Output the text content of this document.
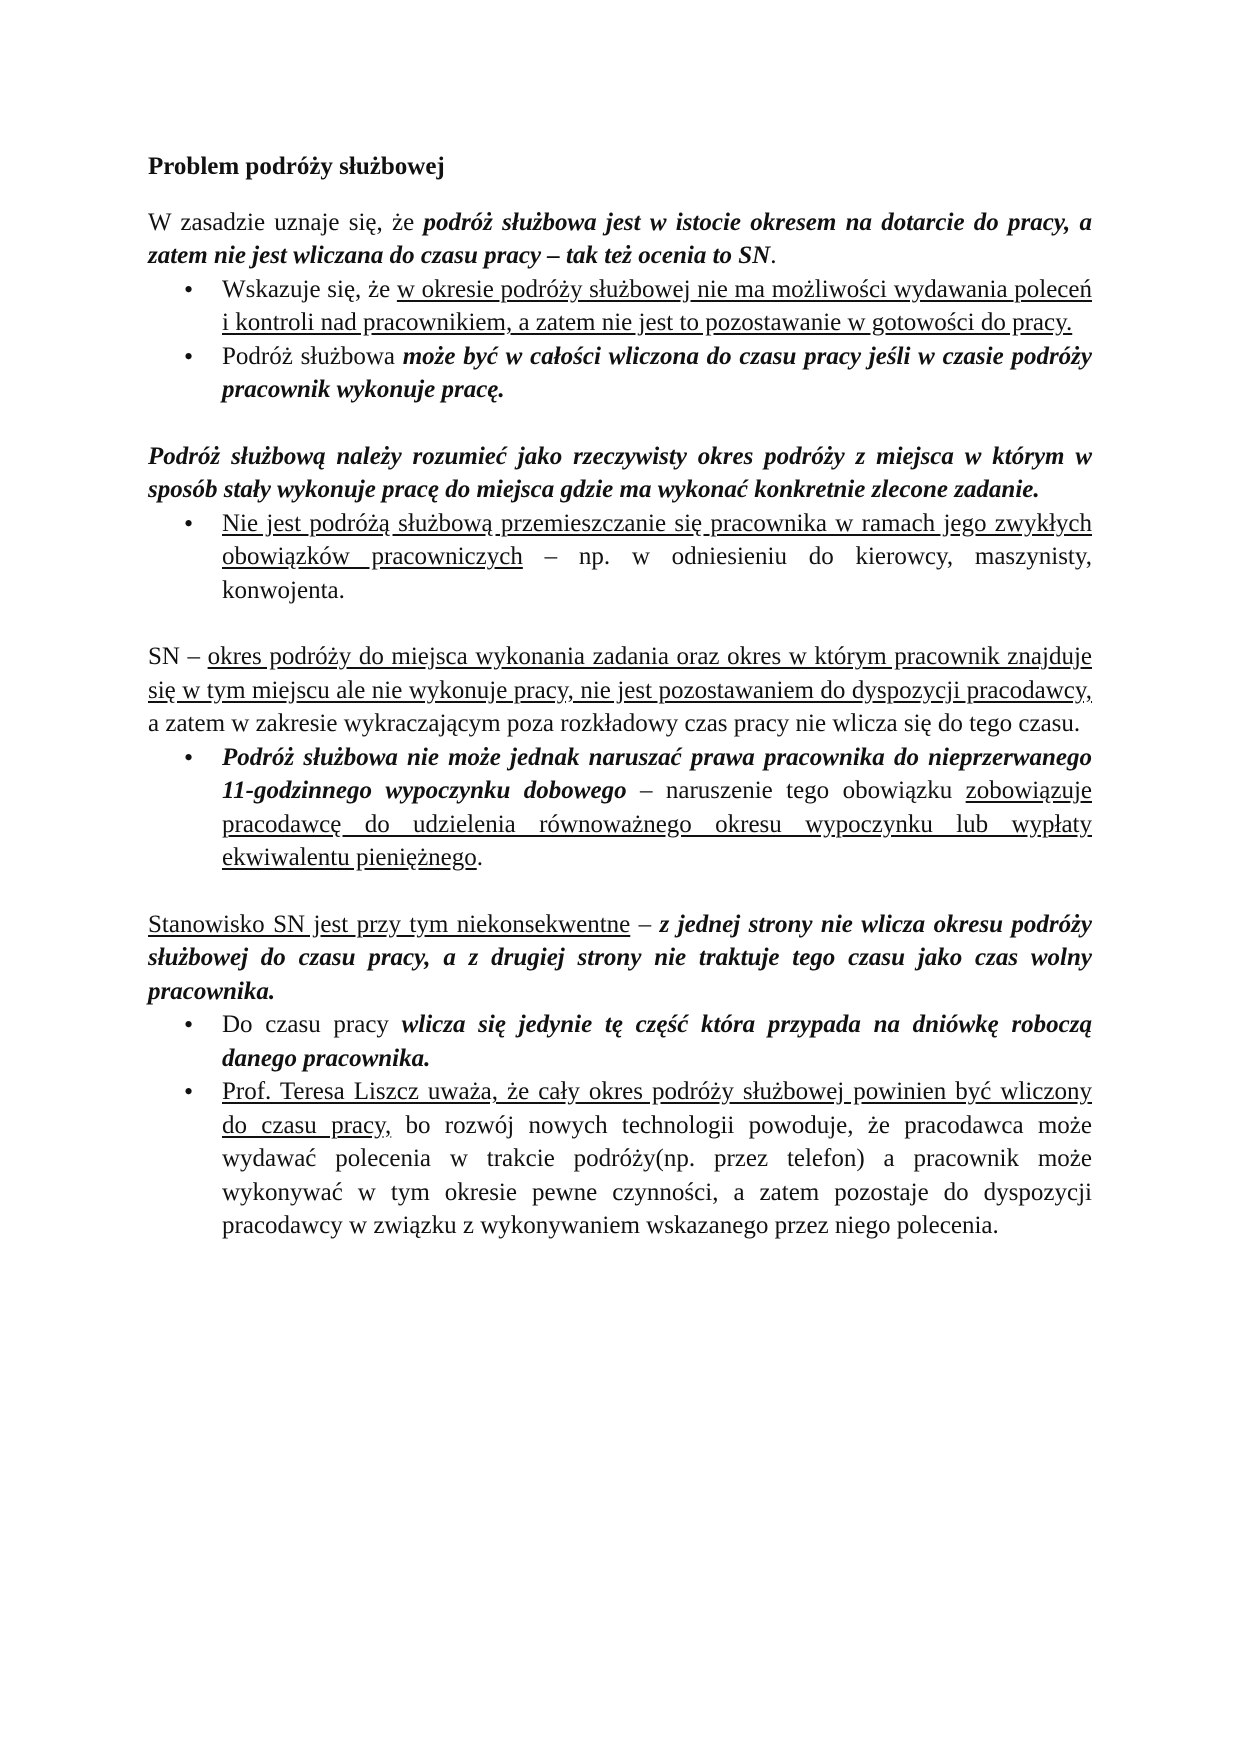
Problem podróży służbowej

W zasadzie uznaje się, że podróż służbowa jest w istocie okresem na dotarcie do pracy, a zatem nie jest wliczana do czasu pracy – tak też ocenia to SN.

• Wskazuje się, że w okresie podróży służbowej nie ma możliwości wydawania poleceń i kontroli nad pracownikiem, a zatem nie jest to pozostawanie w gotowości do pracy.
• Podróż służbowa może być w całości wliczona do czasu pracy jeśli w czasie podróży pracownik wykonuje pracę.

Podróż służbową należy rozumieć jako rzeczywisty okres podróży z miejsca w którym w sposób stały wykonuje pracę do miejsca gdzie ma wykonać konkretnie zlecone zadanie.

• Nie jest podróżą służbową przemieszczanie się pracownika w ramach jego zwykłych obowiązków pracowniczych – np. w odniesieniu do kierowcy, maszynisty, konwojenta.

SN – okres podróży do miejsca wykonania zadania oraz okres w którym pracownik znajduje się w tym miejscu ale nie wykonuje pracy, nie jest pozostawaniem do dyspozycji pracodawcy, a zatem w zakresie wykraczającym poza rozkładowy czas pracy nie wlicza się do tego czasu.

• Podróż służbowa nie może jednak naruszać prawa pracownika do nieprzerwanego 11-godzinnego wypoczynku dobowego – naruszenie tego obowiązku zobowiązuje pracodawcę do udzielenia równoważnego okresu wypoczynku lub wypłaty ekwiwalentu pieniężnego.

Stanowisko SN jest przy tym niekonsekwentne – z jednej strony nie wlicza okresu podróży służbowej do czasu pracy, a z drugiej strony nie traktuje tego czasu jako czas wolny pracownika.

• Do czasu pracy wlicza się jedynie tę część która przypada na dniówkę roboczą danego pracownika.
• Prof. Teresa Liszcz uważa, że cały okres podróży służbowej powinien być wliczony do czasu pracy, bo rozwój nowych technologii powoduje, że pracodawca może wydawać polecenia w trakcie podróży(np. przez telefon) a pracownik może wykonywać w tym okresie pewne czynności, a zatem pozostaje do dyspozycji pracodawcy w związku z wykonywaniem wskazanego przez niego polecenia.
